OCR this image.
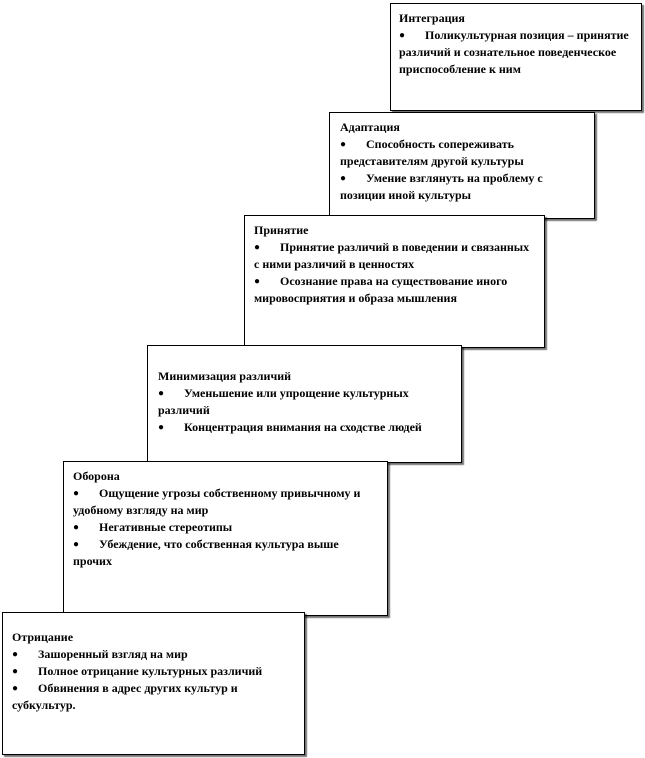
Интеграция
● Поликультурная позиция – принятие различий и сознательное поведенческое приспособление к ним
Адаптация
● Способность сопереживать представителям другой культуры
● Умение взглянуть на проблему с позиции иной культуры
Принятие
● Принятие различий в поведении и связанных с ними различий в ценностях
● Осознание права на существование иного мировосприятия и образа мышления
Минимизация различий
● Уменьшение или упрощение культурных различий
● Концентрация внимания на сходстве людей
Оборона
● Ощущение угрозы собственному привычному и удобному взгляду на мир
● Негативные стереотипы
● Убеждение, что собственная культура выше прочих
Отрицание
● Зашоренный взгляд на мир
● Полное отрицание культурных различий
● Обвинения в адрес других культур и субкультур.
